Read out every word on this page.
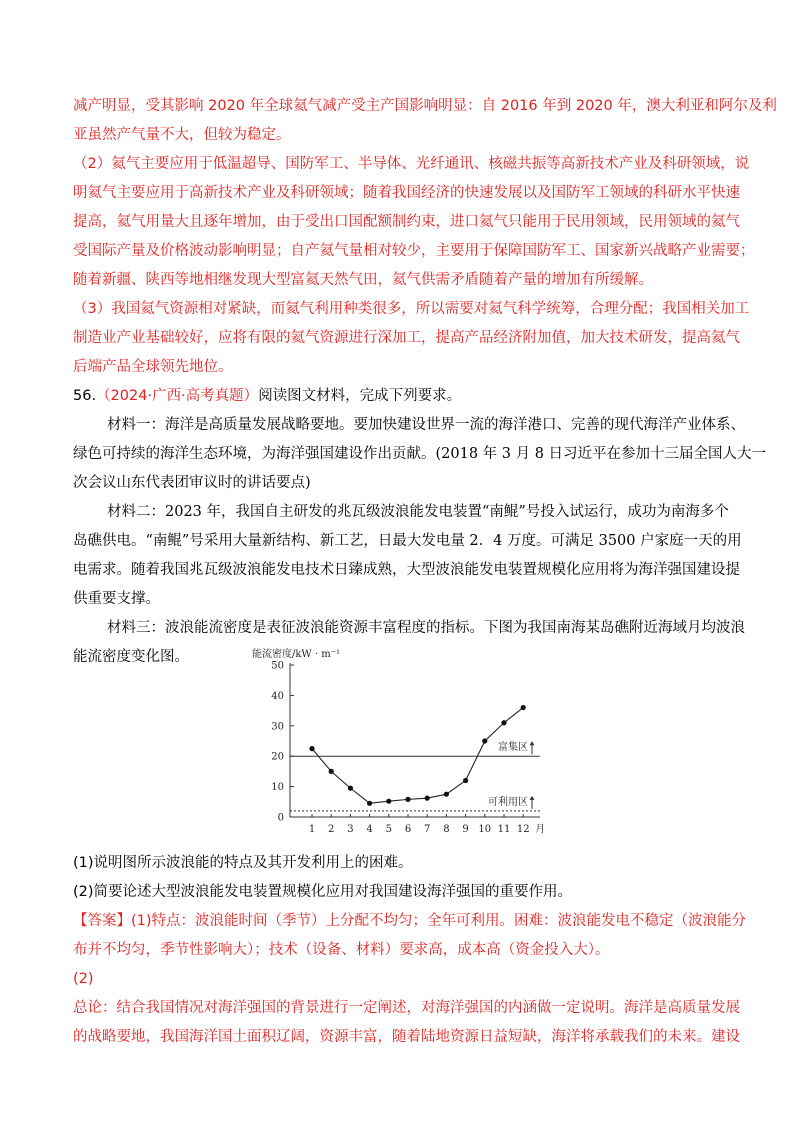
减产明显，受其影响 2020 年全球氦气减产受主产国影响明显：自 2016 年到 2020 年，澳大利亚和阿尔及利
亚虽然产气量不大，但较为稳定。
（2）氦气主要应用于低温超导、国防军工、半导体、光纤通讯、核磁共振等高新技术产业及科研领域，说
明氦气主要应用于高新技术产业及科研领域；随着我国经济的快速发展以及国防军工领域的科研水平快速
提高，氦气用量大且逐年增加，由于受出口国配额制约束，进口氦气只能用于民用领域，民用领域的氦气
受国际产量及价格波动影响明显；自产氦气量相对较少，主要用于保障国防军工、国家新兴战略产业需要；
随着新疆、陕西等地相继发现大型富氦天然气田，氦气供需矛盾随着产量的增加有所缓解。
（3）我国氦气资源相对紧缺，而氦气利用种类很多，所以需要对氦气科学统筹，合理分配；我国相关加工
制造业产业基础较好，应将有限的氦气资源进行深加工，提高产品经济附加值，加大技术研发，提高氦气
后端产品全球领先地位。
56.（2024·广西·高考真题）阅读图文材料，完成下列要求。
材料一：海洋是高质量发展战略要地。要加快建设世界一流的海洋港口、完善的现代海洋产业体系、
绿色可持续的海洋生态环境，为海洋强国建设作出贡献。(2018 年 3 月 8 日习近平在参加十三届全国人大一
次会议山东代表团审议时的讲话要点)
材料二：2023 年，我国自主研发的兆瓦级波浪能发电装置“南鲲”号投入试运行，成功为南海多个
岛礁供电。“南鲲”号采用大量新结构、新工艺，日最大发电量 2．4 万度。可满足 3500 户家庭一天的用
电需求。随着我国兆瓦级波浪能发电技术日臻成熟，大型波浪能发电装置规模化应用将为海洋强国建设提
供重要支撑。
材料三：波浪能流密度是表征波浪能资源丰富程度的指标。下图为我国南海某岛礁附近海域月均波浪
能流密度变化图。	能流密度/kW · m⁻¹
0
10
20
30
40
50
1 2 3 4 5 6 7 8 9 10 11 12 月
富集区
可利用区
(1)说明图所示波浪能的特点及其开发利用上的困难。
(2)简要论述大型波浪能发电装置规模化应用对我国建设海洋强国的重要作用。
【答案】(1)特点：波浪能时间（季节）上分配不均匀；全年可利用。困难：波浪能发电不稳定（波浪能分
布并不均匀，季节性影响大）；技术（设备、材料）要求高，成本高（资金投入大）。
(2)
总论：结合我国情况对海洋强国的背景进行一定阐述，对海洋强国的内涵做一定说明。海洋是高质量发展
的战略要地，我国海洋国土面积辽阔，资源丰富，随着陆地资源日益短缺，海洋将承载我们的未来。建设
